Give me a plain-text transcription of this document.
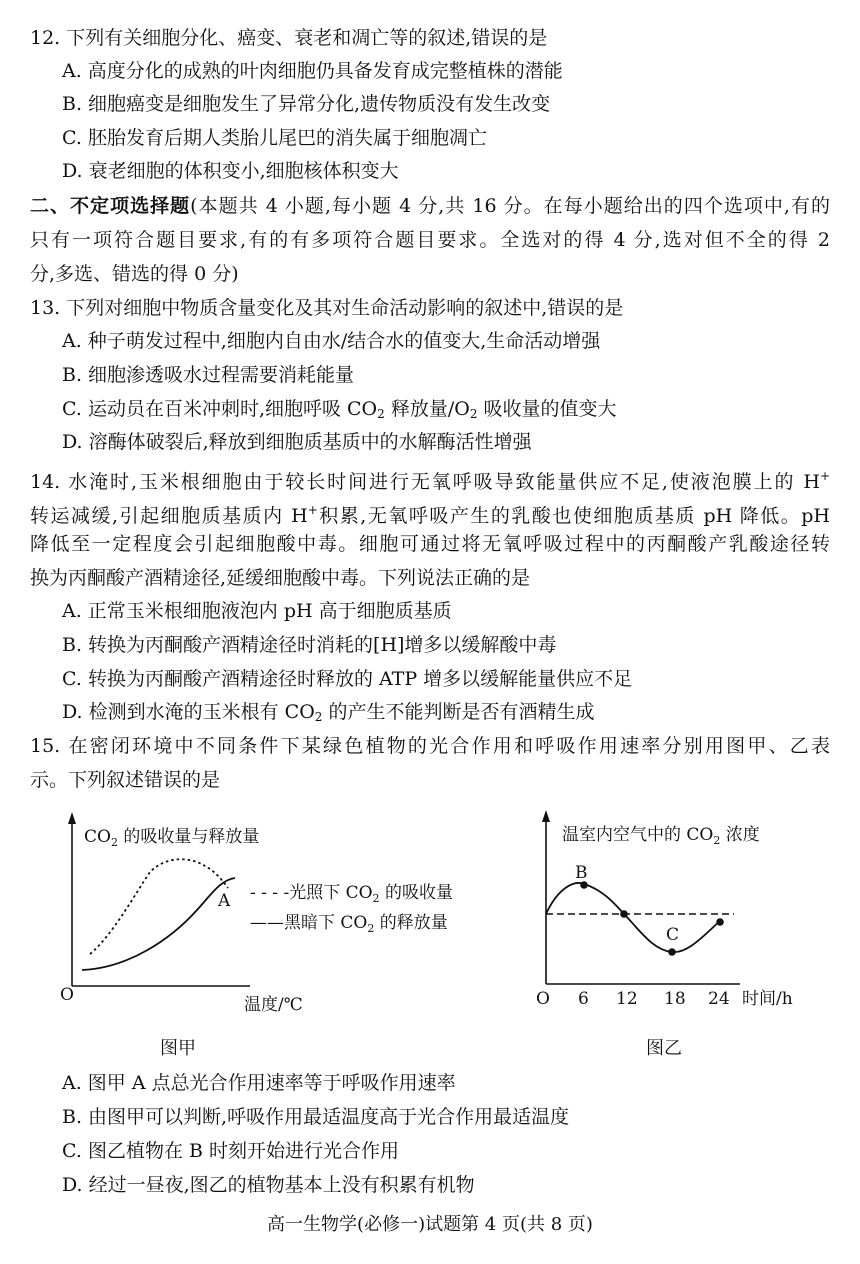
12. 下列有关细胞分化、癌变、衰老和凋亡等的叙述,错误的是
A. 高度分化的成熟的叶肉细胞仍具备发育成完整植株的潜能
B. 细胞癌变是细胞发生了异常分化,遗传物质没有发生改变
C. 胚胎发育后期人类胎儿尾巴的消失属于细胞凋亡
D. 衰老细胞的体积变小,细胞核体积变大
二、不定项选择题(本题共 4 小题,每小题 4 分,共 16 分。在每小题给出的四个选项中,有的
只有一项符合题目要求,有的有多项符合题目要求。全选对的得 4 分,选对但不全的得 2
分,多选、错选的得 0 分)
13. 下列对细胞中物质含量变化及其对生命活动影响的叙述中,错误的是
A. 种子萌发过程中,细胞内自由水/结合水的值变大,生命活动增强
B. 细胞渗透吸水过程需要消耗能量
C. 运动员在百米冲刺时,细胞呼吸 $CO_2$ 释放量$/O_2$ 吸收量的值变大
D. 溶酶体破裂后,释放到细胞质基质中的水解酶活性增强
14. 水淹时,玉米根细胞由于较长时间进行无氧呼吸导致能量供应不足,使液泡膜上的 H+
转运减缓,引起细胞质基质内 H+积累,无氧呼吸产生的乳酸也使细胞质基质 pH 降低。pH
降低至一定程度会引起细胞酸中毒。细胞可通过将无氧呼吸过程中的丙酮酸产乳酸途径转
换为丙酮酸产酒精途径,延缓细胞酸中毒。下列说法正确的是
A. 正常玉米根细胞液泡内 pH 高于细胞质基质
B. 转换为丙酮酸产酒精途径时消耗的[H]增多以缓解酸中毒
C. 转换为丙酮酸产酒精途径时释放的 ATP 增多以缓解能量供应不足
D. 检测到水淹的玉米根有 $CO_2$ 的产生不能判断是否有酒精生成
15. 在密闭环境中不同条件下某绿色植物的光合作用和呼吸作用速率分别用图甲、乙表
示。下列叙述错误的是
$CO_2$ 的吸收量与释放量
O	温度/℃
A - - - -光照下 $CO_2$ 的吸收量
——黑暗下 $CO_2$ 的释放量
B
C
温室内空气中的 $CO_2$ 浓度
O 6 12 18 24 时间/h
图甲	图乙
A. 图甲 A 点总光合作用速率等于呼吸作用速率
B. 由图甲可以判断,呼吸作用最适温度高于光合作用最适温度
C. 图乙植物在 B 时刻开始进行光合作用
D. 经过一昼夜,图乙的植物基本上没有积累有机物
高一生物学(必修一)试题第 4 页(共 8 页)
